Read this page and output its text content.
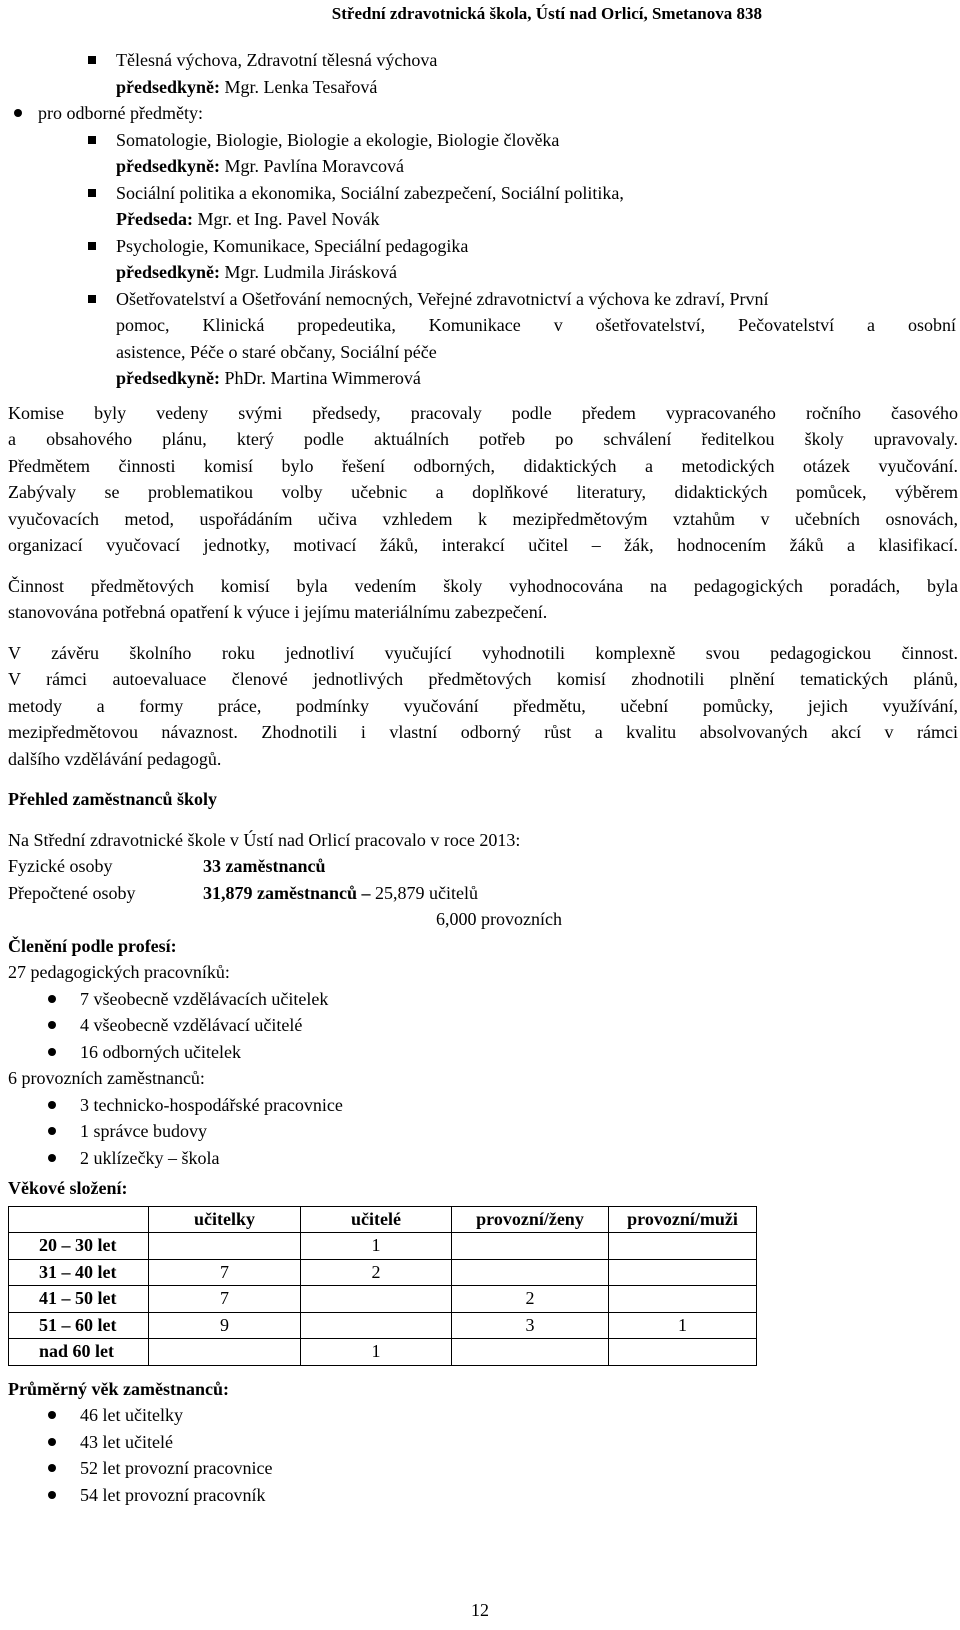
Střední zdravotnická škola, Ústí nad Orlicí, Smetanova 838
Tělesná výchova, Zdravotní tělesná výchova
předsedkyně: Mgr. Lenka Tesařová
pro odborné předměty:
Somatologie, Biologie, Biologie a ekologie, Biologie člověka
předsedkyně: Mgr. Pavlína Moravcová
Sociální politika a ekonomika, Sociální zabezpečení, Sociální politika,
Předseda: Mgr. et Ing. Pavel Novák
Psychologie, Komunikace, Speciální pedagogika
předsedkyně: Mgr. Ludmila Jirásková
Ošetřovatelství a Ošetřování nemocných, Veřejné zdravotnictví a výchova ke zdraví, První
pomoc, Klinická propedeutika, Komunikace v ošetřovatelství, Pečovatelství a osobní
asistence, Péče o staré občany, Sociální péče
předsedkyně: PhDr. Martina Wimmerová
Komise byly vedeny svými předsedy, pracovaly podle předem vypracovaného ročního časového
a obsahového plánu, který podle aktuálních potřeb po schválení ředitelkou školy upravovaly.
Předmětem činnosti komisí bylo řešení odborných, didaktických a metodických otázek vyučování.
Zabývaly se problematikou volby učebnic a doplňkové literatury, didaktických pomůcek, výběrem
vyučovacích metod, uspořádáním učiva vzhledem k mezipředmětovým vztahům v učebních osnovách,
organizací vyučovací jednotky, motivací žáků, interakcí učitel – žák, hodnocením žáků a klasifikací.
Činnost předmětových komisí byla vedením školy vyhodnocována na pedagogických poradách, byla
stanovována potřebná opatření k výuce i jejímu materiálnímu zabezpečení.
V závěru školního roku jednotliví vyučující vyhodnotili komplexně svou pedagogickou činnost.
V rámci autoevaluace členové jednotlivých předmětových komisí zhodnotili plnění tematických plánů,
metody a formy práce, podmínky vyučování předmětu, učební pomůcky, jejich využívání,
mezipředmětovou návaznost. Zhodnotili i vlastní odborný růst a kvalitu absolvovaných akcí v rámci
dalšího vzdělávání pedagogů.
Přehled zaměstnanců školy
Na Střední zdravotnické škole v Ústí nad Orlicí pracovalo v roce 2013:
Fyzické osoby	33 zaměstnanců
Přepočtené osoby	31,879 zaměstnanců – 25,879 učitelů
6,000 provozních
Členění podle profesí:
27 pedagogických pracovníků:
7 všeobecně vzdělávacích učitelek
4 všeobecně vzdělávací učitelé
16 odborných učitelek
6 provozních zaměstnanců:
3 technicko-hospodářské pracovnice
1 správce budovy
2 uklízečky – škola
Věkové složení:
	učitelky	učitelé	provozní/ženy	provozní/muži
20 – 30 let		1		
31 – 40 let	7	2		
41 – 50 let	7		2	
51 – 60 let	9		3	1
nad 60 let		1		
Průměrný věk zaměstnanců:
46 let učitelky
43 let učitelé
52 let provozní pracovnice
54 let provozní pracovník
12
